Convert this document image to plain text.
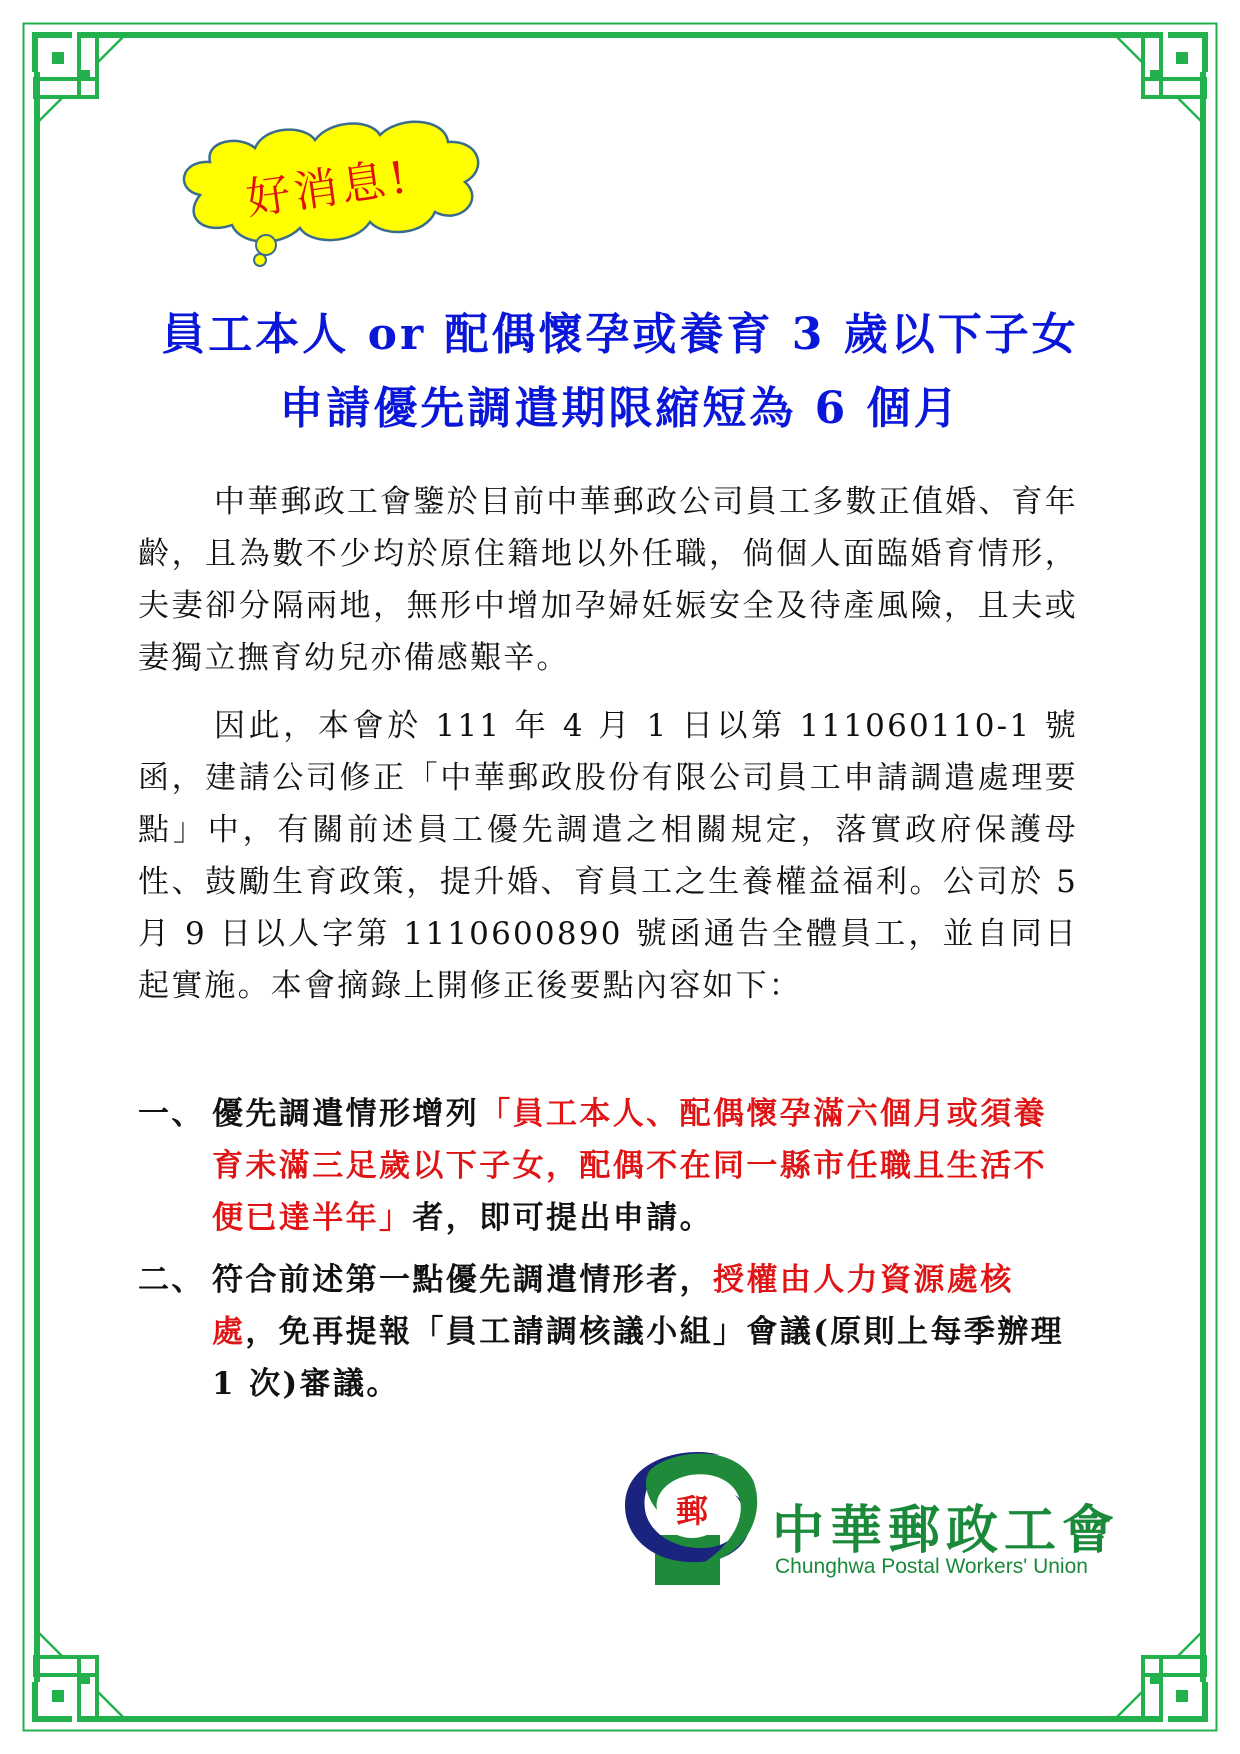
好消息!
員工本人 or 配偶懷孕或養育 3 歲以下子女
申請優先調遣期限縮短為 6 個月

中華郵政工會鑒於目前中華郵政公司員工多數正值婚、育年齡，且為數不少均於原住籍地以外任職，倘個人面臨婚育情形，夫妻卻分隔兩地，無形中增加孕婦妊娠安全及待產風險，且夫或妻獨立撫育幼兒亦備感艱辛。

因此，本會於 111 年 4 月 1 日以第 111060110-1 號函，建請公司修正「中華郵政股份有限公司員工申請調遣處理要點」中，有關前述員工優先調遣之相關規定，落實政府保護母性、鼓勵生育政策，提升婚、育員工之生養權益福利。公司於 5 月 9 日以人字第 1110600890 號函通告全體員工，並自同日起實施。本會摘錄上開修正後要點內容如下：

一、 優先調遣情形增列「員工本人、配偶懷孕滿六個月或須養育未滿三足歲以下子女，配偶不在同一縣市任職且生活不便已達半年」者，即可提出申請。

二、 符合前述第一點優先調遣情形者，授權由人力資源處核處，免再提報「員工請調核議小組」會議(原則上每季辦理 1 次)審議。

郵 中華郵政工會
Chunghwa Postal Workers' Union
